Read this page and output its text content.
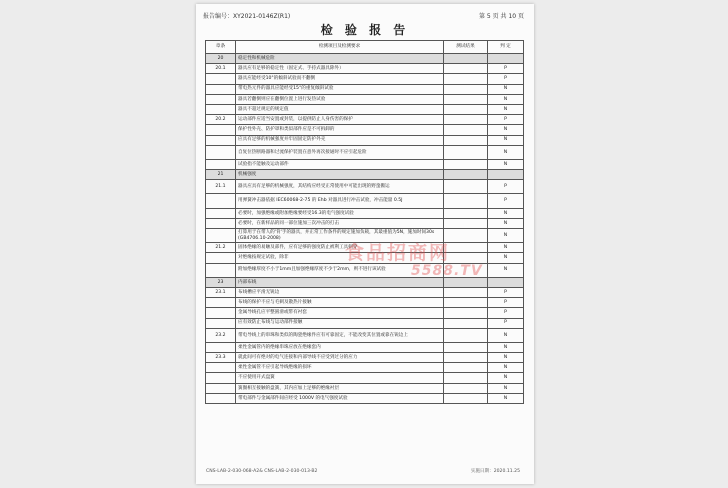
报告编号：XY2021-0146Z(R1)	第 5 页 共 10 页
检 验 报 告
章条	检测项目及检测要求	测试结果	判 定
20	稳定性和机械危险		
20.1	器具应有足够的稳定性（固定式、手持式器具除外）		P
	器具应能经受10°的倾斜试验而不翻倒		P
	带电热元件的器具应能经受15°的重复倾斜试验		N
	器具若翻倒则应在翻倒位置上进行发热试验		N
	器具不超过规定的规定值		N
20.2	运动部件应适当安置或封装，以提供防止人身伤害的保护		P
	保护性外壳、防护罩和类似部件应是不可拆卸的		N
	应具有足够的机械强度并牢固固定防护外壳		N
	自复位热断路器和过流保护装置在意外再次接通时不应引起危险		N
	试验指不能触及运动部件		N
21	机械强度		
21.1	器具应具有足够的机械强度，其结构应经受正常使用中可能出现的野蛮搬运		P
	用弹簧冲击器依据 IEC60068-2-75 的 Ehb 对器具进行冲击试验，冲击能量 0.5J		P
	必要时，加强绝缘或附加绝缘要经受16.3的电气强度试验		N
	必要时，在新样品的同一部位施加三次冲击的打击		N
	打算用于在带人的'背'手的器具，并正常工作条件的规定施加负载，其最重值为5N，施加时间30s (GB4706.10-2008)		N
21.2	固体绝缘的易触及部件，应有足够的强度防止被利工具刺穿		N
	对绝缘按规定试验，除非		N
	附加绝缘厚度不小于1mm且加强绝缘厚度不少于2mm，则不进行该试验		N
23	内部布线		
23.1	布线槽应平滑无锐边		P
	布线的保护不应与毛刺及散热片接触		P
	金属导线孔应平整圆滑或带有衬套		P
	应有效防止布线与运动部件接触		P
23.2	带电导线上的串珠和类似的陶瓷绝缘件应有可靠固定，不能改变其位置或靠在锐边上		N
	柔性金属管内的绝缘串珠应放在绝缘套内		N
23.3	就此间可有绝对的电气连接和内部导线不应受到过分的应力		N
	柔性金属管不应引起导线绝缘的损坏		N
	不应使用开式盘簧		N
	簧圈相互接触的盘簧，其内应加上足够的绝缘衬层		N
	带电部件与金属部件间应经受 1000V 的电气强度试验		N
CNS-LAB-2-030-068-A2& CNS-LAB-2-030-013-B2	实施日期：2020.11.25
食品招商网
5588.TV
